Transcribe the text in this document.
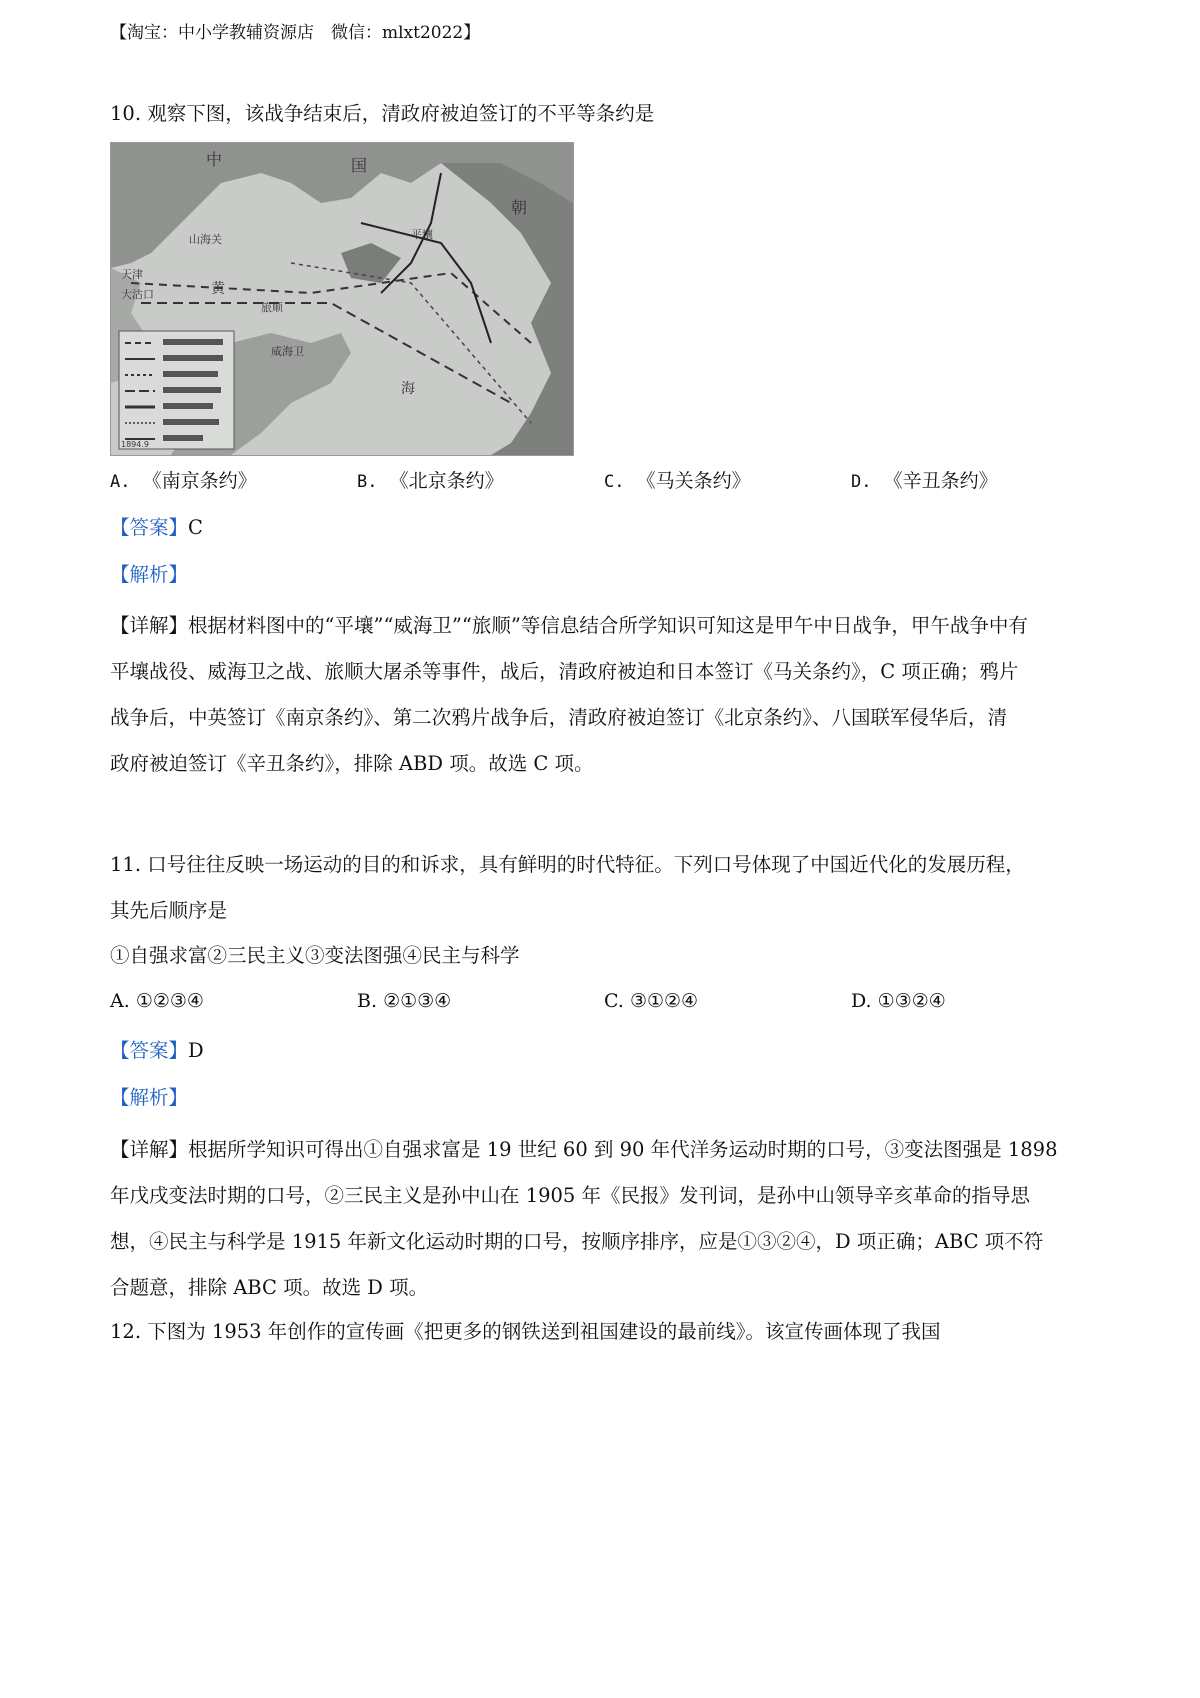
【淘宝：中小学教辅资源店　微信：mlxt2022】
10. 观察下图，该战争结束后，清政府被迫签订的不平等条约是
中	国
朝
山海关
天津
大沽口
旅顺
威海卫
黄
海
平壤
1894.9
A. 《南京条约》	B. 《北京条约》	C. 《马关条约》	D. 《辛丑条约》
【答案】C
【解析】
【详解】根据材料图中的“平壤”“威海卫”“旅顺”等信息结合所学知识可知这是甲午中日战争，甲午战争中有
平壤战役、威海卫之战、旅顺大屠杀等事件，战后，清政府被迫和日本签订《马关条约》，C 项正确；鸦片
战争后，中英签订《南京条约》、第二次鸦片战争后，清政府被迫签订《北京条约》、八国联军侵华后，清
政府被迫签订《辛丑条约》，排除 ABD 项。故选 C 项。
11. 口号往往反映一场运动的目的和诉求，具有鲜明的时代特征。下列口号体现了中国近代化的发展历程，
其先后顺序是
①自强求富②三民主义③变法图强④民主与科学
A. ①②③④	B. ②①③④	C. ③①②④	D. ①③②④
【答案】D
【解析】
【详解】根据所学知识可得出①自强求富是 19 世纪 60 到 90 年代洋务运动时期的口号，③变法图强是 1898
年戊戌变法时期的口号，②三民主义是孙中山在 1905 年《民报》发刊词，是孙中山领导辛亥革命的指导思
想，④民主与科学是 1915 年新文化运动时期的口号，按顺序排序，应是①③②④，D 项正确；ABC 项不符
合题意，排除 ABC 项。故选 D 项。
12. 下图为 1953 年创作的宣传画《把更多的钢铁送到祖国建设的最前线》。该宣传画体现了我国
